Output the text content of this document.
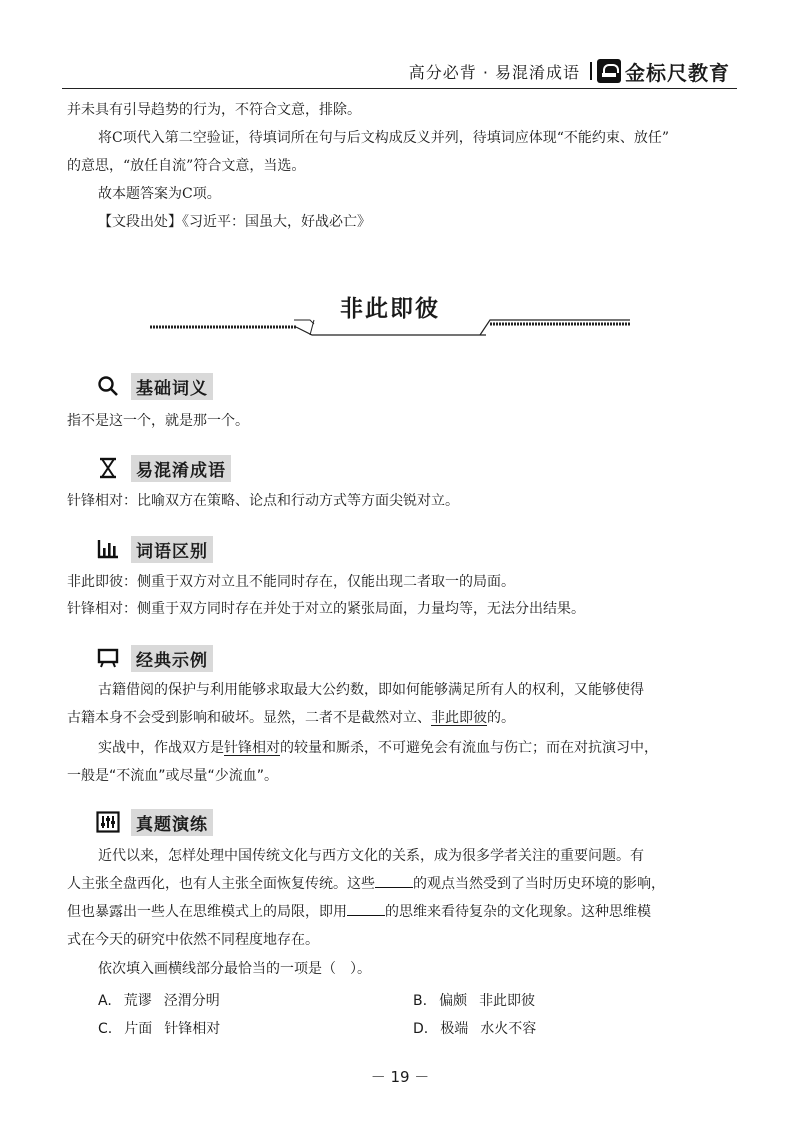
高分必背 · 易混淆成语 金标尺教育
并未具有引导趋势的行为，不符合文意，排除。
将C项代入第二空验证，待填词所在句与后文构成反义并列，待填词应体现“不能约束、放任”
的意思，“放任自流”符合文意，当选。
故本题答案为C项。
【文段出处】《习近平：国虽大，好战必亡》
非此即彼
基础词义
指不是这一个，就是那一个。
易混淆成语
针锋相对：比喻双方在策略、论点和行动方式等方面尖锐对立。
词语区别
非此即彼：侧重于双方对立且不能同时存在，仅能出现二者取一的局面。
针锋相对：侧重于双方同时存在并处于对立的紧张局面，力量均等，无法分出结果。
经典示例
古籍借阅的保护与利用能够求取最大公约数，即如何能够满足所有人的权利，又能够使得
古籍本身不会受到影响和破坏。显然，二者不是截然对立、非此即彼的。
实战中，作战双方是针锋相对的较量和厮杀，不可避免会有流血与伤亡；而在对抗演习中，
一般是“不流血”或尽量“少流血”。
真题演练
近代以来，怎样处理中国传统文化与西方文化的关系，成为很多学者关注的重要问题。有
人主张全盘西化，也有人主张全面恢复传统。这些	的观点当然受到了当时历史环境的影响，
但也暴露出一些人在思维模式上的局限，即用	的思维来看待复杂的文化现象。这种思维模
式在今天的研究中依然不同程度地存在。
依次填入画横线部分最恰当的一项是（　）。
A. 荒谬 泾渭分明	B. 偏颇 非此即彼
C. 片面 针锋相对	D. 极端 水火不容
－ 19 －
